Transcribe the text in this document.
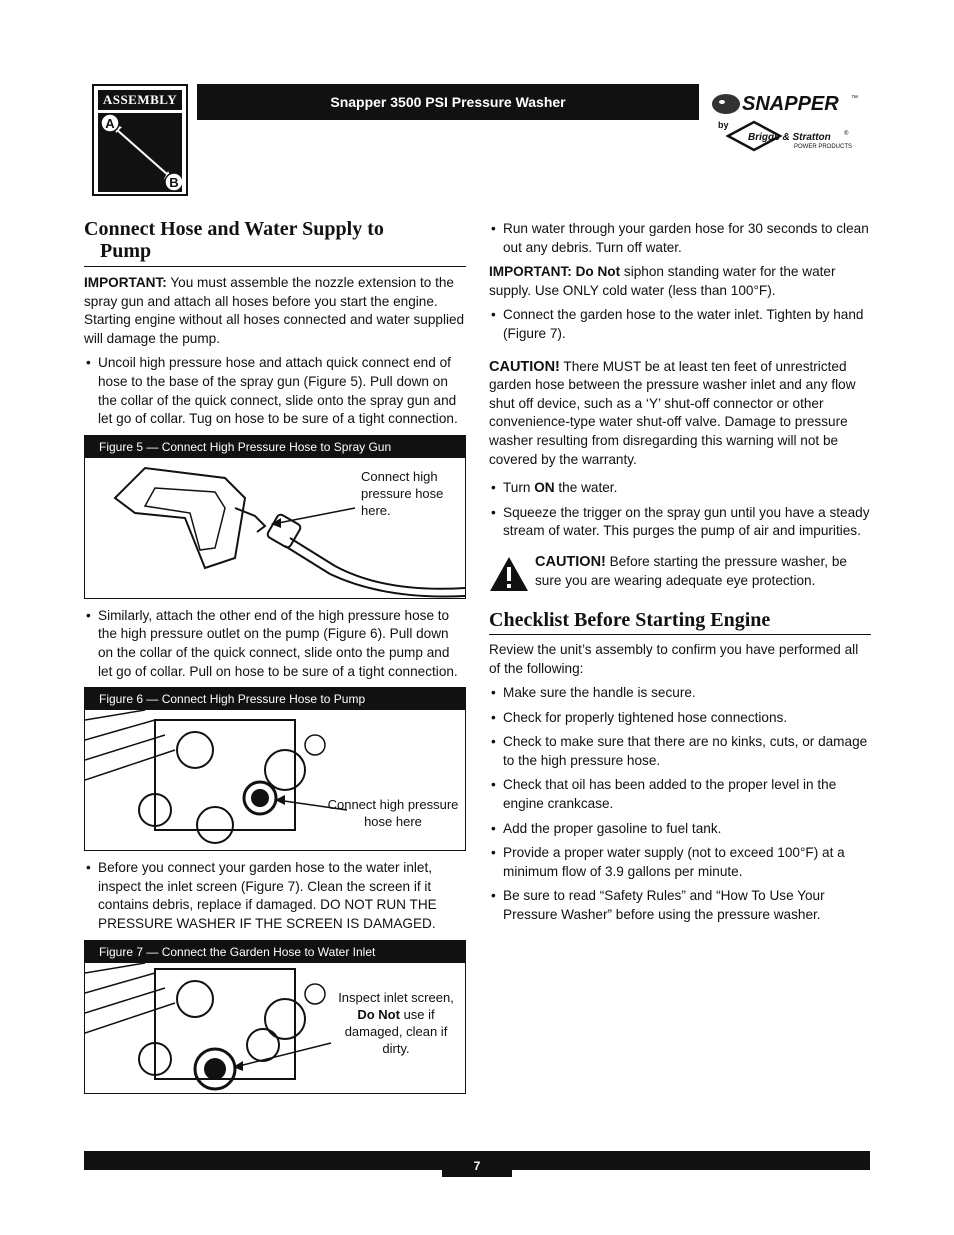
ASSEMBLY
A
B
Snapper 3500 PSI Pressure Washer	SNAPPER ™
by
Briggs & Stratton ®
POWER PRODUCTS
Connect Hose and Water Supply to
Pump

IMPORTANT: You must assemble the nozzle extension to the spray gun and attach all hoses before you start the engine. Starting engine without all hoses connected and water supplied will damage the pump.

• Uncoil high pressure hose and attach quick connect end of hose to the base of the spray gun (Figure 5). Pull down on the collar of the quick connect, slide onto the spray gun and let go of collar. Tug on hose to be sure of a tight connection.
Figure 5 — Connect High Pressure Hose to Spray Gun
Connect high pressure hose here.
• Similarly, attach the other end of the high pressure hose to the high pressure outlet on the pump (Figure 6). Pull down on the collar of the quick connect, slide onto the pump and let go of collar. Pull on hose to be sure of a tight connection.
Figure 6 — Connect High Pressure Hose to Pump
Connect high pressure hose here
• Before you connect your garden hose to the water inlet, inspect the inlet screen (Figure 7). Clean the screen if it contains debris, replace if damaged. DO NOT RUN THE PRESSURE WASHER IF THE SCREEN IS DAMAGED.
Figure 7 — Connect the Garden Hose to Water Inlet
Inspect inlet screen,
Do Not use if damaged, clean if dirty.
• Run water through your garden hose for 30 seconds to clean out any debris. Turn off water.

IMPORTANT: Do Not siphon standing water for the water supply. Use ONLY cold water (less than 100°F).

• Connect the garden hose to the water inlet. Tighten by hand (Figure 7).

CAUTION! There MUST be at least ten feet of unrestricted garden hose between the pressure washer inlet and any flow shut off device, such as a ‘Y’ shut-off connector or other convenience-type water shut-off valve. Damage to pressure washer resulting from disregarding this warning will not be covered by the warranty.

• Turn ON the water.
• Squeeze the trigger on the spray gun until you have a steady stream of water. This purges the pump of air and impurities.

CAUTION! Before starting the pressure washer, be sure you are wearing adequate eye protection.

Checklist Before Starting Engine

Review the unit’s assembly to confirm you have performed all of the following:

• Make sure the handle is secure.
• Check for properly tightened hose connections.
• Check to make sure that there are no kinks, cuts, or damage to the high pressure hose.
• Check that oil has been added to the proper level in the engine crankcase.
• Add the proper gasoline to fuel tank.
• Provide a proper water supply (not to exceed 100°F) at a minimum flow of 3.9 gallons per minute.
• Be sure to read “Safety Rules” and “How To Use Your Pressure Washer” before using the pressure washer.
7
